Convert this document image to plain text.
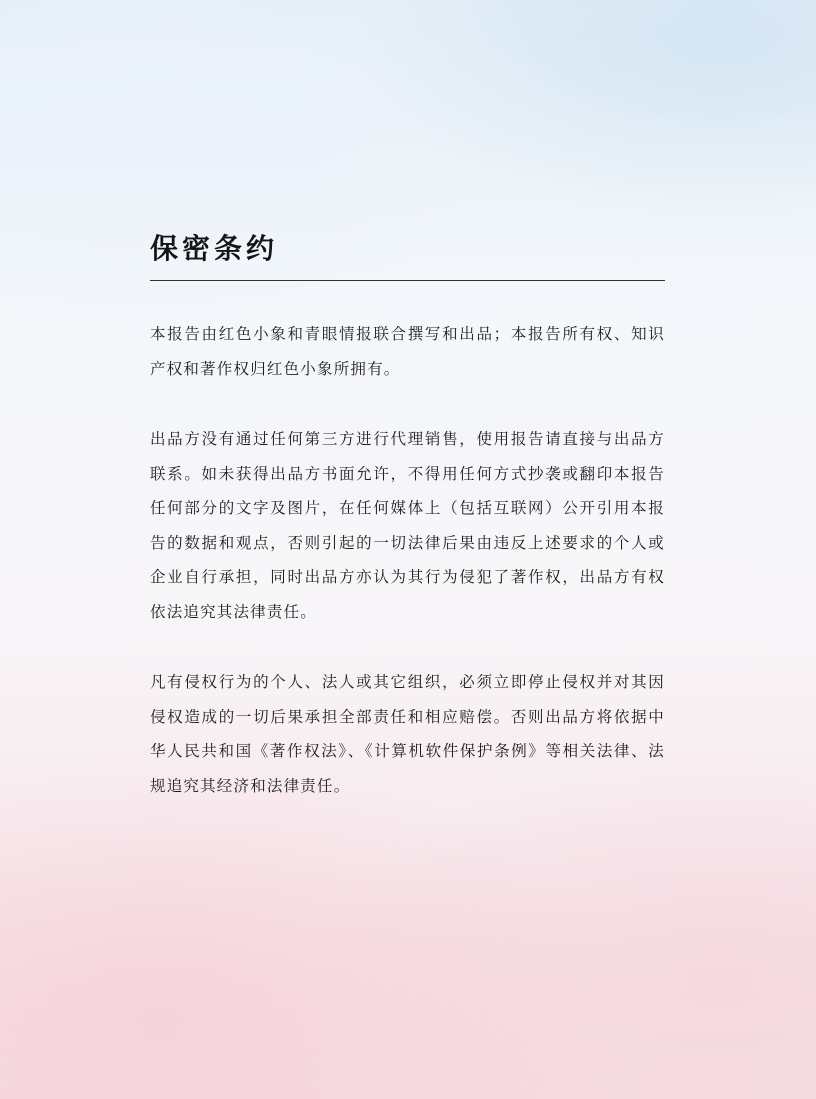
保密条约

本报告由红色小象和青眼情报联合撰写和出品；本报告所有权、知识产权和著作权归红色小象所拥有。

出品方没有通过任何第三方进行代理销售，使用报告请直接与出品方联系。如未获得出品方书面允许，不得用任何方式抄袭或翻印本报告任何部分的文字及图片，在任何媒体上（包括互联网）公开引用本报告的数据和观点，否则引起的一切法律后果由违反上述要求的个人或企业自行承担，同时出品方亦认为其行为侵犯了著作权，出品方有权依法追究其法律责任。

凡有侵权行为的个人、法人或其它组织，必须立即停止侵权并对其因侵权造成的一切后果承担全部责任和相应赔偿。否则出品方将依据中华人民共和国《著作权法》、《计算机软件保护条例》等相关法律、法规追究其经济和法律责任。
